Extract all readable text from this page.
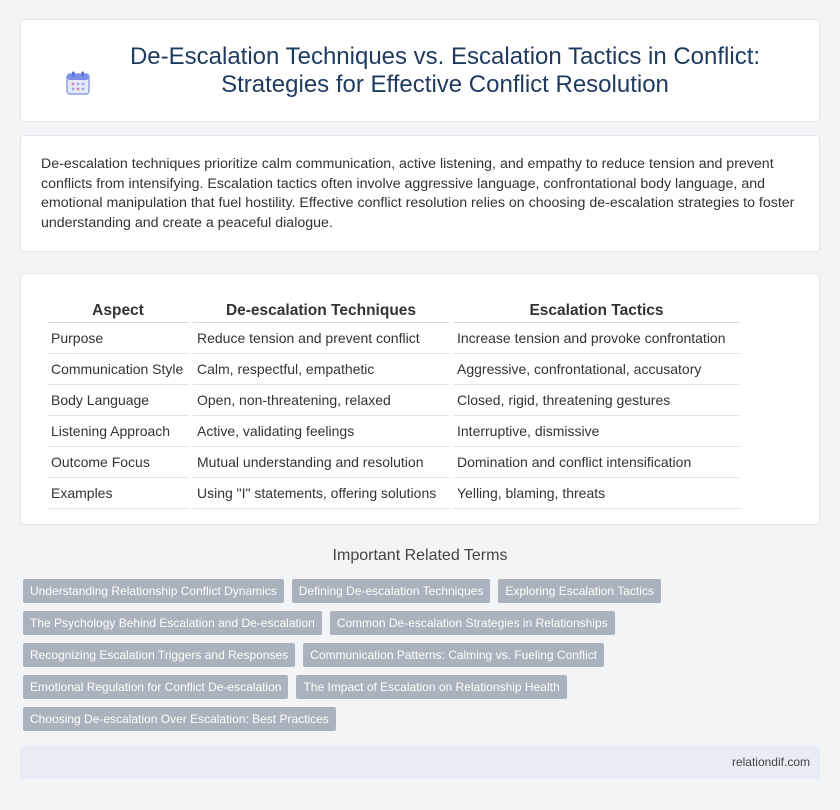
De-Escalation Techniques vs. Escalation Tactics in Conflict: Strategies for Effective Conflict Resolution

De-escalation techniques prioritize calm communication, active listening, and empathy to reduce tension and prevent conflicts from intensifying. Escalation tactics often involve aggressive language, confrontational body language, and emotional manipulation that fuel hostility. Effective conflict resolution relies on choosing de-escalation strategies to foster understanding and create a peaceful dialogue.

Aspect	De-escalation Techniques	Escalation Tactics
Purpose	Reduce tension and prevent conflict	Increase tension and provoke confrontation
Communication Style	Calm, respectful, empathetic	Aggressive, confrontational, accusatory
Body Language	Open, non-threatening, relaxed	Closed, rigid, threatening gestures
Listening Approach	Active, validating feelings	Interruptive, dismissive
Outcome Focus	Mutual understanding and resolution	Domination and conflict intensification
Examples	Using "I" statements, offering solutions	Yelling, blaming, threats
Important Related Terms
Understanding Relationship Conflict Dynamics	Defining De-escalation Techniques	Exploring Escalation Tactics
The Psychology Behind Escalation and De-escalation	Common De-escalation Strategies in Relationships
Recognizing Escalation Triggers and Responses	Communication Patterns: Calming vs. Fueling Conflict
Emotional Regulation for Conflict De-escalation	The Impact of Escalation on Relationship Health
Choosing De-escalation Over Escalation: Best Practices
relationdif.com
